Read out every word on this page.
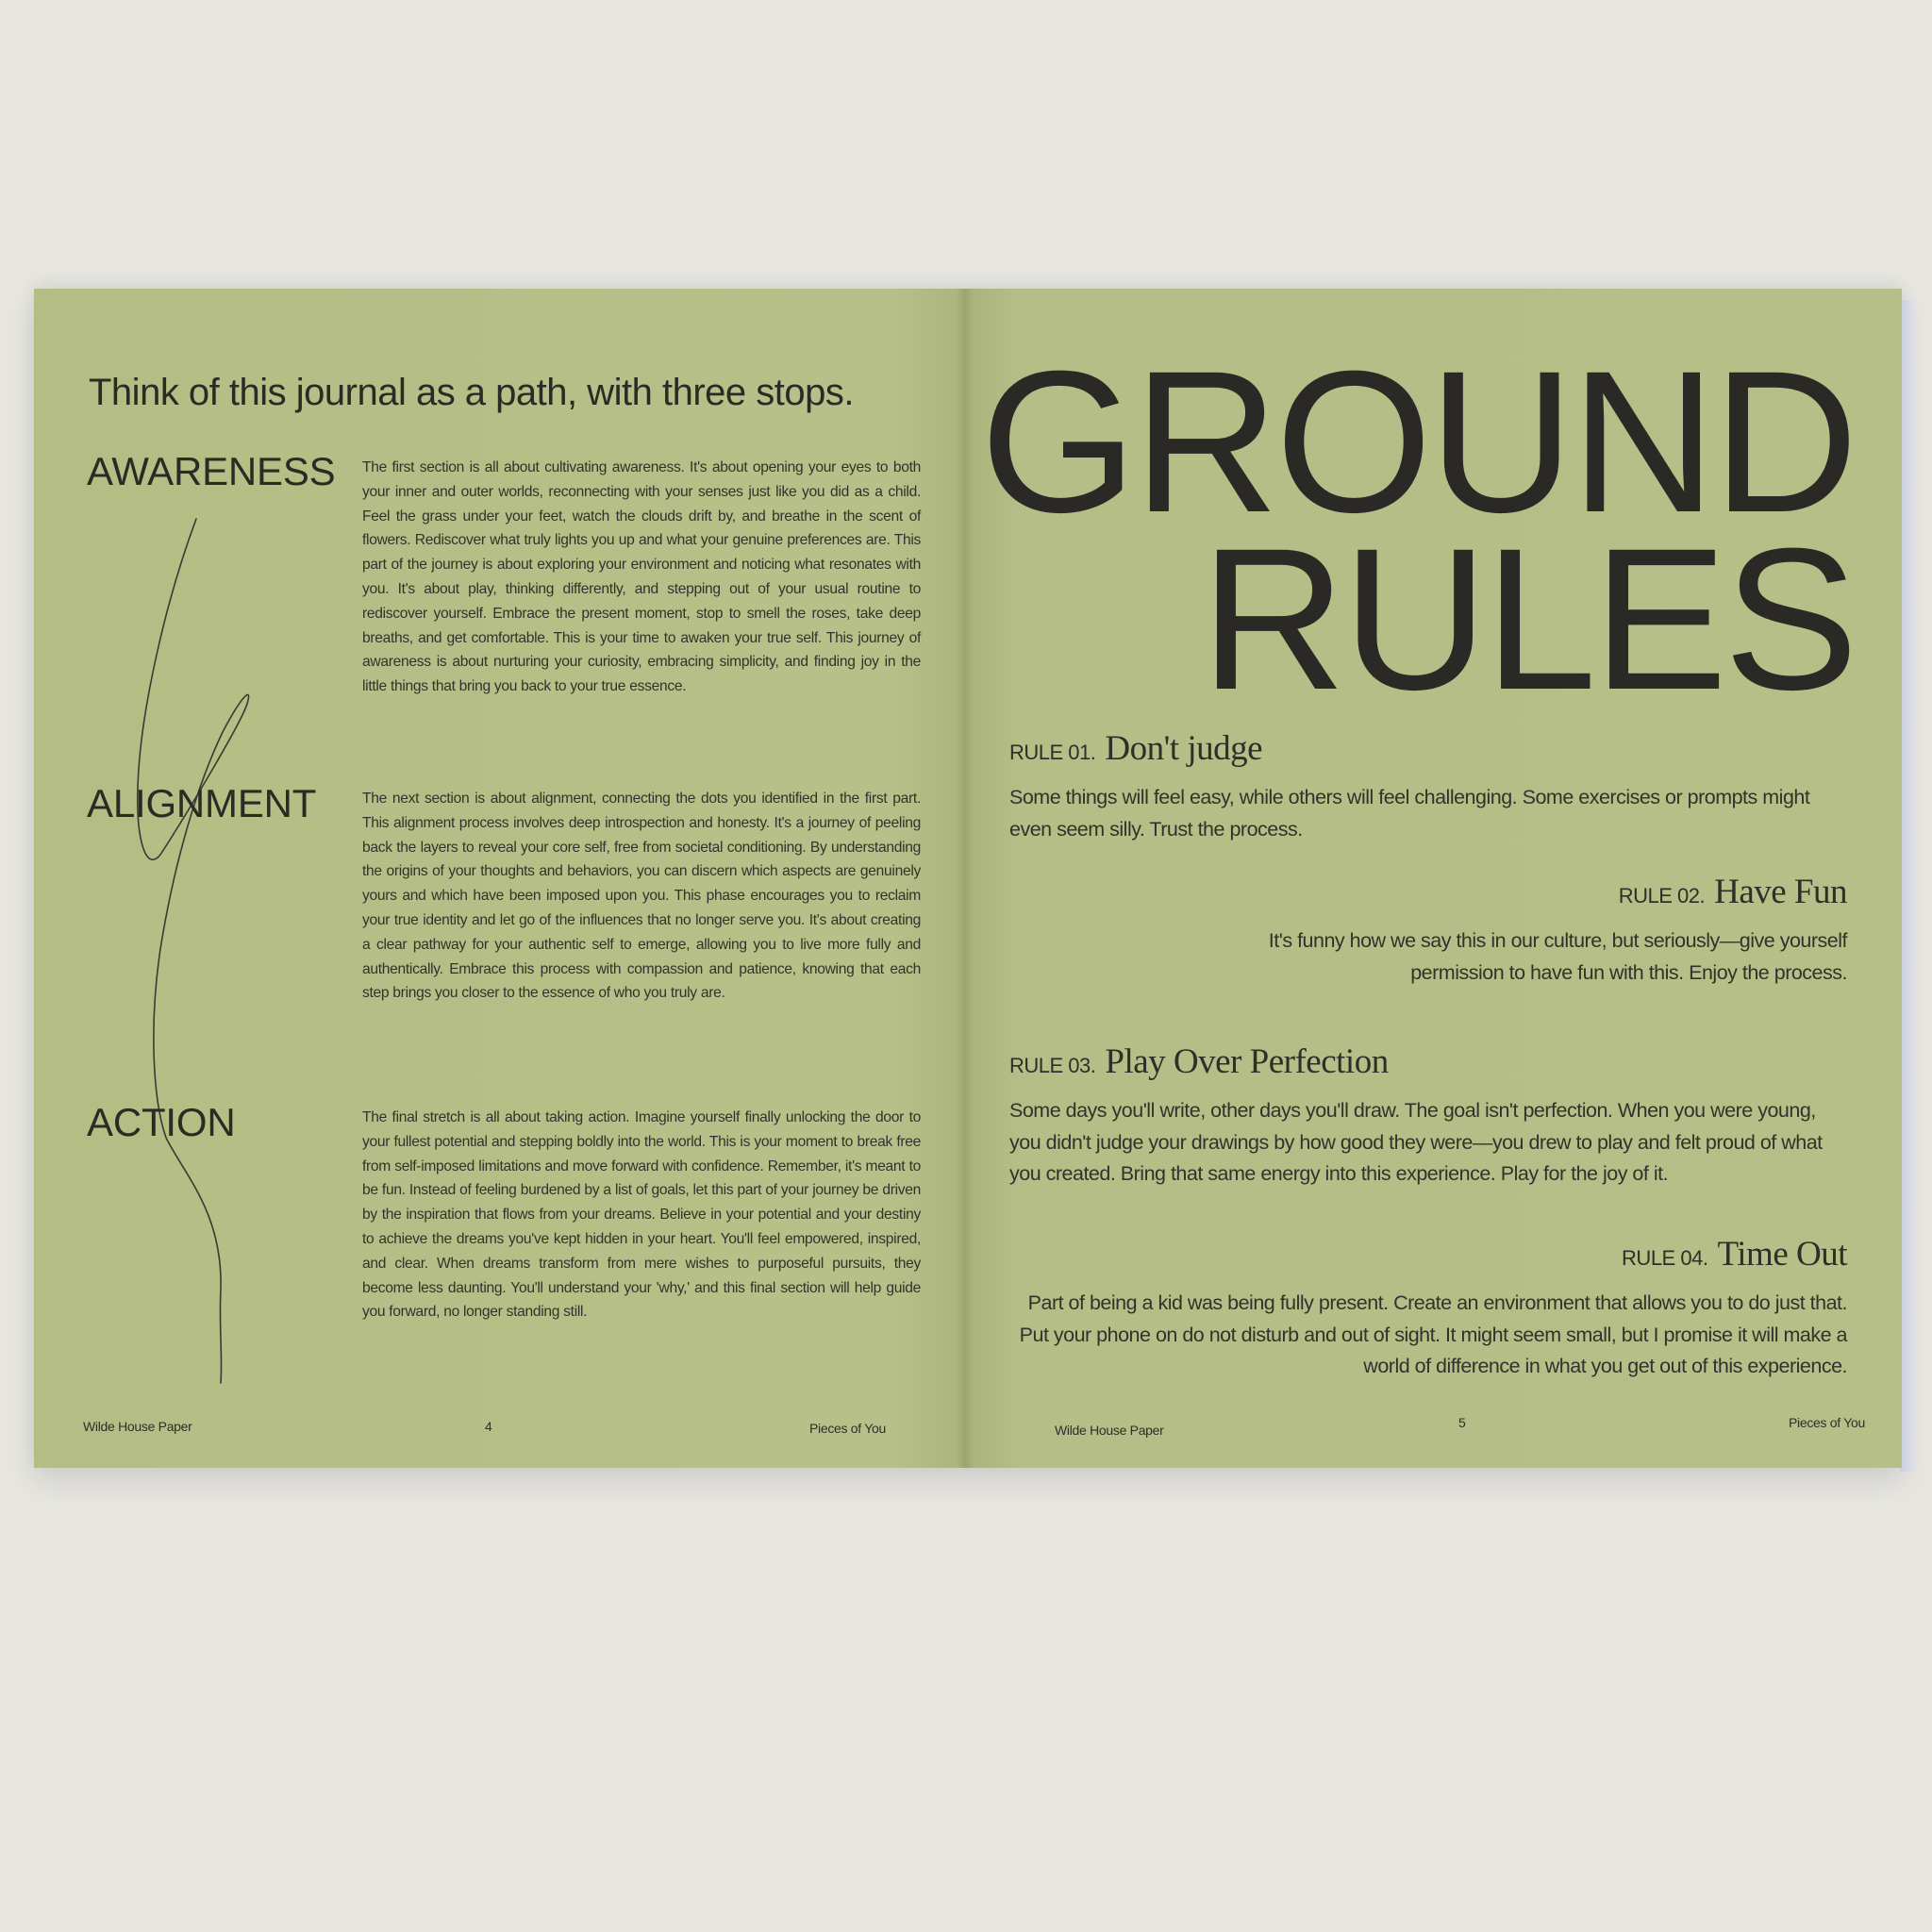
Think of this journal as a path, with three stops.
AWARENESS The first section is all about cultivating awareness. It's about opening your eyes to both your inner and outer worlds, reconnecting with your senses just like you did as a child. Feel the grass under your feet, watch the clouds drift by, and breathe in the scent of flowers. Rediscover what truly lights you up and what your genuine preferences are. This part of the journey is about exploring your environment and noticing what resonates with you. It's about play, thinking differently, and stepping out of your usual routine to rediscover yourself. Embrace the present moment, stop to smell the roses, take deep breaths, and get comfortable. This is your time to awaken your true self. This journey of awareness is about nurturing your curiosity, embracing simplicity, and finding joy in the little things that bring you back to your true essence.
ALIGNMENT	The next section is about alignment, connecting the dots you identified in the first part. This alignment process involves deep introspection and honesty. It's a journey of peeling back the layers to reveal your core self, free from societal conditioning. By understanding the origins of your thoughts and behaviors, you can discern which aspects are genuinely yours and which have been imposed upon you. This phase encourages you to reclaim your true identity and let go of the influences that no longer serve you. It's about creating a clear pathway for your authentic self to emerge, allowing you to live more fully and authentically. Embrace this process with compassion and patience, knowing that each step brings you closer to the essence of who you truly are.
ACTION	The final stretch is all about taking action. Imagine yourself finally unlocking the door to your fullest potential and stepping boldly into the world. This is your moment to break free from self-imposed limitations and move forward with confidence. Remember, it's meant to be fun. Instead of feeling burdened by a list of goals, let this part of your journey be driven by the inspiration that flows from your dreams. Believe in your potential and your destiny to achieve the dreams you've kept hidden in your heart. You'll feel empowered, inspired, and clear. When dreams transform from mere wishes to purposeful pursuits, they become less daunting. You'll understand your 'why,' and this final section will help guide you forward, no longer standing still.
Wilde House Paper	4	Pieces of You
GROUND
RULES
RULE 01. Don't judge
Some things will feel easy, while others will feel challenging. Some exercises or prompts might even seem silly. Trust the process.
RULE 02. Have Fun
It's funny how we say this in our culture, but seriously—give yourself permission to have fun with this. Enjoy the process.
RULE 03. Play Over Perfection
Some days you'll write, other days you'll draw. The goal isn't perfection. When you were young, you didn't judge your drawings by how good they were—you drew to play and felt proud of what you created. Bring that same energy into this experience. Play for the joy of it.
RULE 04. Time Out
Part of being a kid was being fully present. Create an environment that allows you to do just that. Put your phone on do not disturb and out of sight. It might seem small, but I promise it will make a world of difference in what you get out of this experience.
Wilde House Paper	5	Pieces of You
